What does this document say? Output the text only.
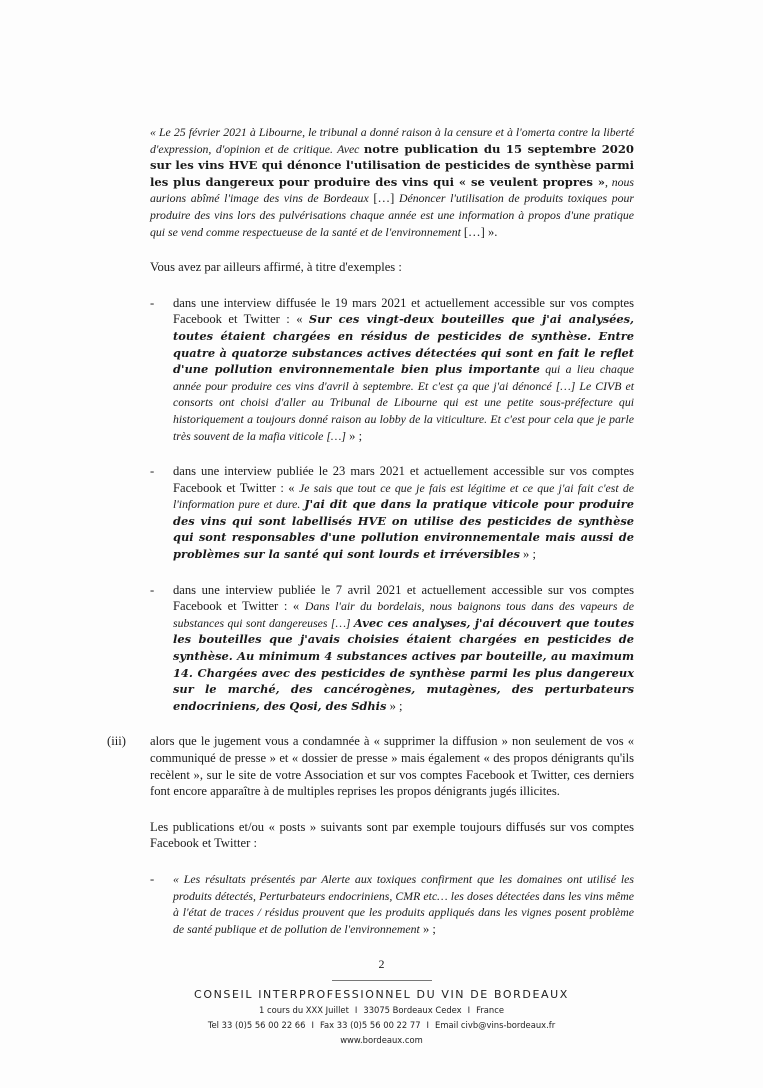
« Le 25 février 2021 à Libourne, le tribunal a donné raison à la censure et à l'omerta contre la liberté d'expression, d'opinion et de critique. Avec notre publication du 15 septembre 2020 sur les vins HVE qui dénonce l'utilisation de pesticides de synthèse parmi les plus dangereux pour produire des vins qui « se veulent propres », nous aurions abîmé l'image des vins de Bordeaux […] Dénoncer l'utilisation de produits toxiques pour produire des vins lors des pulvérisations chaque année est une information à propos d'une pratique qui se vend comme respectueuse de la santé et de l'environnement […] ».

Vous avez par ailleurs affirmé, à titre d'exemples :

-	dans une interview diffusée le 19 mars 2021 et actuellement accessible sur vos comptes Facebook et Twitter : « Sur ces vingt-deux bouteilles que j'ai analysées, toutes étaient chargées en résidus de pesticides de synthèse. Entre quatre à quatorze substances actives détectées qui sont en fait le reflet d'une pollution environnementale bien plus importante qui a lieu chaque année pour produire ces vins d'avril à septembre. Et c'est ça que j'ai dénoncé […] Le CIVB et consorts ont choisi d'aller au Tribunal de Libourne qui est une petite sous-préfecture qui historiquement a toujours donné raison au lobby de la viticulture. Et c'est pour cela que je parle très souvent de la mafia viticole […] » ;
-	dans une interview publiée le 23 mars 2021 et actuellement accessible sur vos comptes Facebook et Twitter : « Je sais que tout ce que je fais est légitime et ce que j'ai fait c'est de l'information pure et dure. J'ai dit que dans la pratique viticole pour produire des vins qui sont labellisés HVE on utilise des pesticides de synthèse qui sont responsables d'une pollution environnementale mais aussi de problèmes sur la santé qui sont lourds et irréversibles » ;
-	dans une interview publiée le 7 avril 2021 et actuellement accessible sur vos comptes Facebook et Twitter : « Dans l'air du bordelais, nous baignons tous dans des vapeurs de substances qui sont dangereuses […] Avec ces analyses, j'ai découvert que toutes les bouteilles que j'avais choisies étaient chargées en pesticides de synthèse. Au minimum 4 substances actives par bouteille, au maximum 14. Chargées avec des pesticides de synthèse parmi les plus dangereux sur le marché, des cancérogènes, mutagènes, des perturbateurs endocriniens, des Qosi, des Sdhis » ;
(iii)	alors que le jugement vous a condamnée à « supprimer la diffusion » non seulement de vos « communiqué de presse » et « dossier de presse » mais également « des propos dénigrants qu'ils recèlent », sur le site de votre Association et sur vos comptes Facebook et Twitter, ces derniers font encore apparaître à de multiples reprises les propos dénigrants jugés illicites.

Les publications et/ou « posts » suivants sont par exemple toujours diffusés sur vos comptes Facebook et Twitter :

-	« Les résultats présentés par Alerte aux toxiques confirment que les domaines ont utilisé les produits détectés, Perturbateurs endocriniens, CMR etc… les doses détectées dans les vins même à l'état de traces / résidus prouvent que les produits appliqués dans les vignes posent problème de santé publique et de pollution de l'environnement » ;
2
CONSEIL INTERPROFESSIONNEL DU VIN DE BORDEAUX
1 cours du XXX Juillet I 33075 Bordeaux Cedex I France
Tel 33 (0)5 56 00 22 66 I Fax 33 (0)5 56 00 22 77 I Email civb@vins-bordeaux.fr
www.bordeaux.com
